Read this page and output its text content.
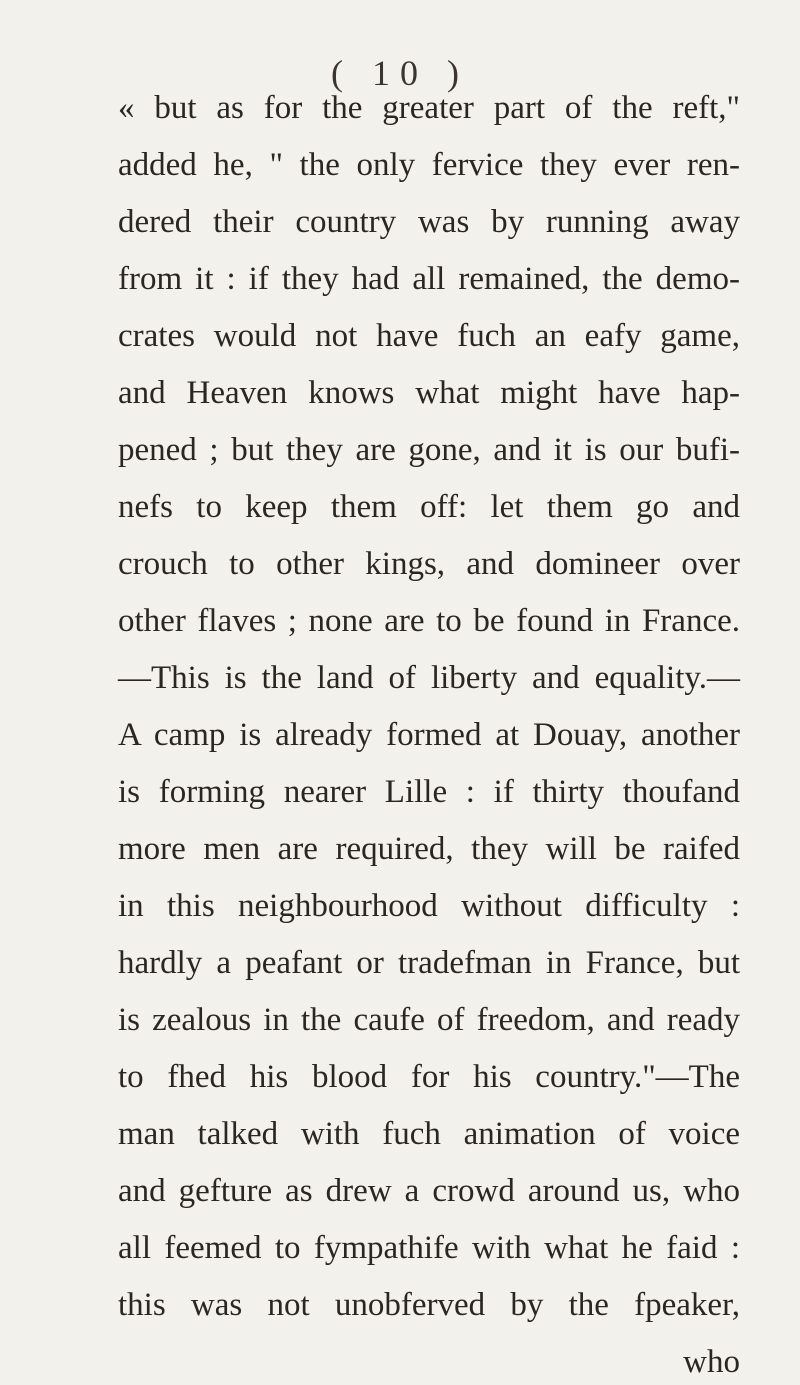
( 10 )
« but as for the greater part of the reft,"
added he, " the only fervice they ever ren-
dered their country was by running away
from it : if they had all remained, the demo-
crates would not have fuch an eafy game,
and Heaven knows what might have hap-
pened ; but they are gone, and it is our bufi-
nefs to keep them off: let them go and
crouch to other kings, and domineer over
other flaves ; none are to be found in France.
—This is the land of liberty and equality.—
A camp is already formed at Douay, another
is forming nearer Lille : if thirty thoufand
more men are required, they will be raifed
in this neighbourhood without difficulty :
hardly a peafant or tradefman in France, but
is zealous in the caufe of freedom, and ready
to fhed his blood for his country."—The
man talked with fuch animation of voice
and gefture as drew a crowd around us, who
all feemed to fympathife with what he faid :
this was not unobferved by the fpeaker,
who
